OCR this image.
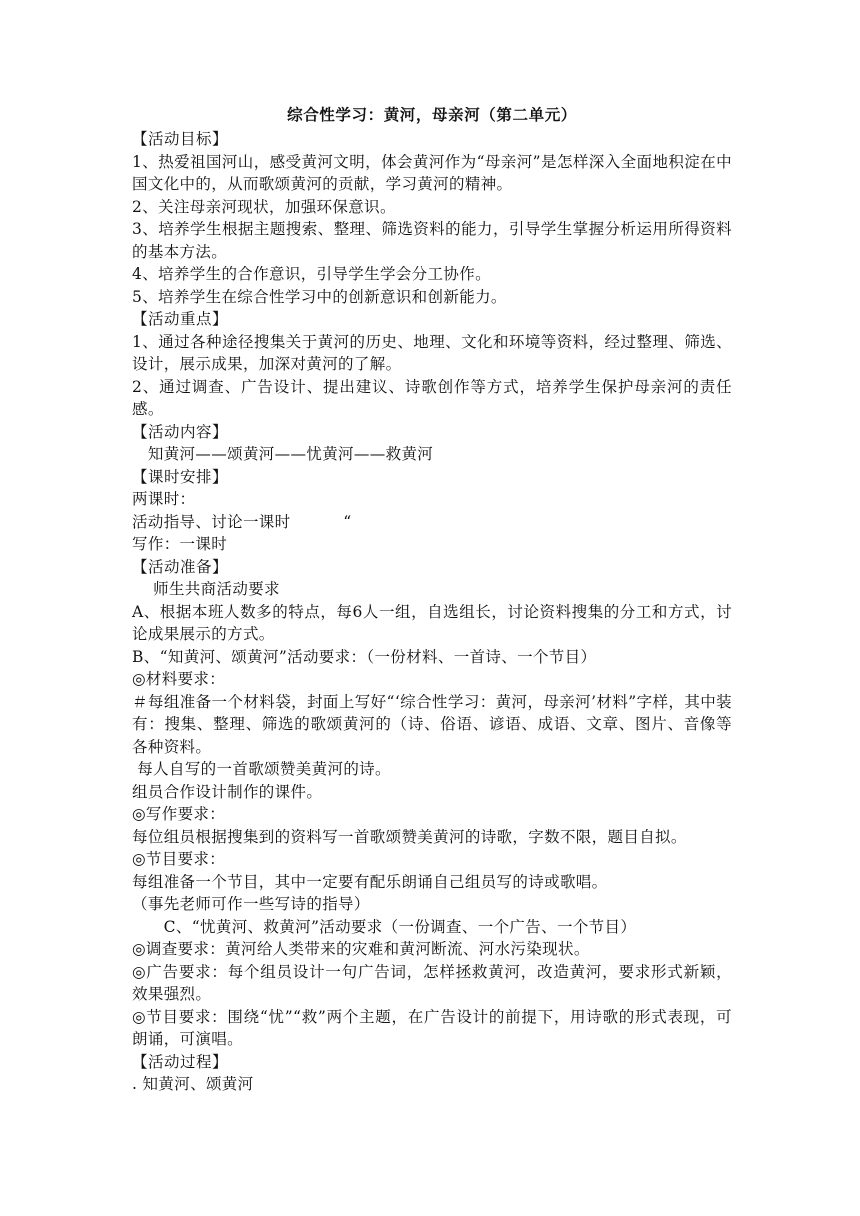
综合性学习：黄河，母亲河（第二单元）

【活动目标】

1、热爱祖国河山，感受黄河文明，体会黄河作为“母亲河”是怎样深入全面地积淀在中国文化中的，从而歌颂黄河的贡献，学习黄河的精神。

2、关注母亲河现状，加强环保意识。

3、培养学生根据主题搜索、整理、筛选资料的能力，引导学生掌握分析运用所得资料的基本方法。

4、培养学生的合作意识，引导学生学会分工协作。

5、培养学生在综合性学习中的创新意识和创新能力。

【活动重点】

1、通过各种途径搜集关于黄河的历史、地理、文化和环境等资料，经过整理、筛选、设计，展示成果，加深对黄河的了解。

2、通过调查、广告设计、提出建议、诗歌创作等方式，培养学生保护母亲河的责任感。

【活动内容】

知黄河——颂黄河——忧黄河——救黄河

【课时安排】

两课时：

活动指导、讨论一课时          “

写作：一课时

【活动准备】

师生共商活动要求

A、根据本班人数多的特点，每6人一组，自选组长，讨论资料搜集的分工和方式，讨论成果展示的方式。

B、“知黄河、颂黄河”活动要求：（一份材料、一首诗、一个节目）

◎材料要求：

＃每组准备一个材料袋，封面上写好“‘综合性学习：黄河，母亲河’材料”字样，其中装有：搜集、整理、筛选的歌颂黄河的（诗、俗语、谚语、成语、文章、图片、音像等各种资料。

每人自写的一首歌颂赞美黄河的诗。

组员合作设计制作的课件。

◎写作要求：

每位组员根据搜集到的资料写一首歌颂赞美黄河的诗歌，字数不限，题目自拟。

◎节目要求：

每组准备一个节目，其中一定要有配乐朗诵自己组员写的诗或歌唱。

（事先老师可作一些写诗的指导）

C、“忧黄河、救黄河”活动要求（一份调查、一个广告、一个节目）

◎调查要求：黄河给人类带来的灾难和黄河断流、河水污染现状。

◎广告要求：每个组员设计一句广告词，怎样拯救黄河，改造黄河，要求形式新颖，效果强烈。

◎节目要求：围绕“忧”“救”两个主题，在广告设计的前提下，用诗歌的形式表现，可朗诵，可演唱。

【活动过程】

. 知黄河、颂黄河
